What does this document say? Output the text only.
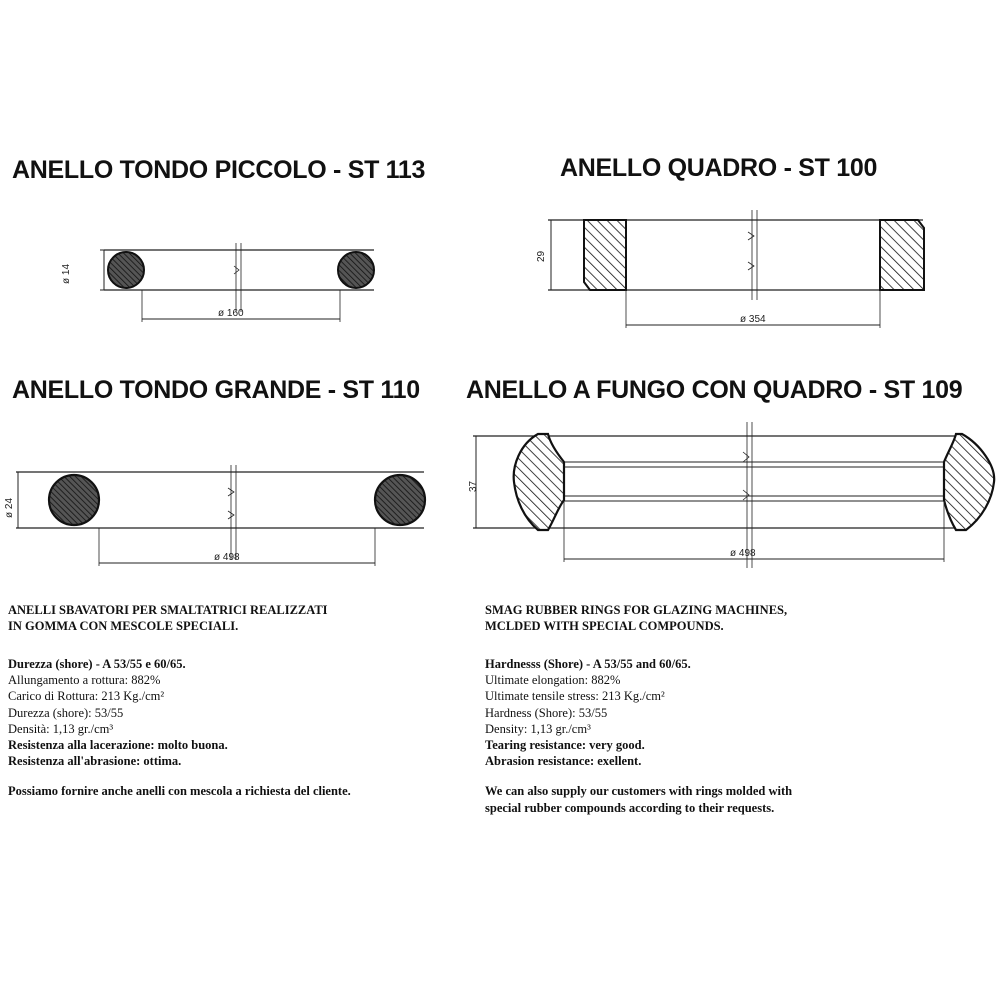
ANELLO TONDO PICCOLO - ST 113	ANELLO QUADRO - ST 100
ANELLO TONDO GRANDE - ST 110 ANELLO A FUNGO CON QUADRO - ST 109
ø 14
ø 160
29
ø 354
ø 24
ø 498
37
ø 498
ANELLI SBAVATORI PER SMALTATRICI REALIZZATI
IN GOMMA CON MESCOLE SPECIALI.
Durezza (shore) - A 53/55 e 60/65.
Allungamento a rottura: 882%
Carico di Rottura: 213 Kg./cm²
Durezza (shore): 53/55
Densità: 1,13 gr./cm³
Resistenza alla lacerazione: molto buona.
Resistenza all'abrasione: ottima.
Possiamo fornire anche anelli con mescola a richiesta del cliente.
SMAG RUBBER RINGS FOR GLAZING MACHINES,
MCLDED WITH SPECIAL COMPOUNDS.
Hardnesss (Shore) - A 53/55 and 60/65.
Ultimate elongation: 882%
Ultimate tensile stress: 213 Kg./cm²
Hardness (Shore): 53/55
Density: 1,13 gr./cm³
Tearing resistance: very good.
Abrasion resistance: exellent.
We can also supply our customers with rings molded with
special rubber compounds according to their requests.
